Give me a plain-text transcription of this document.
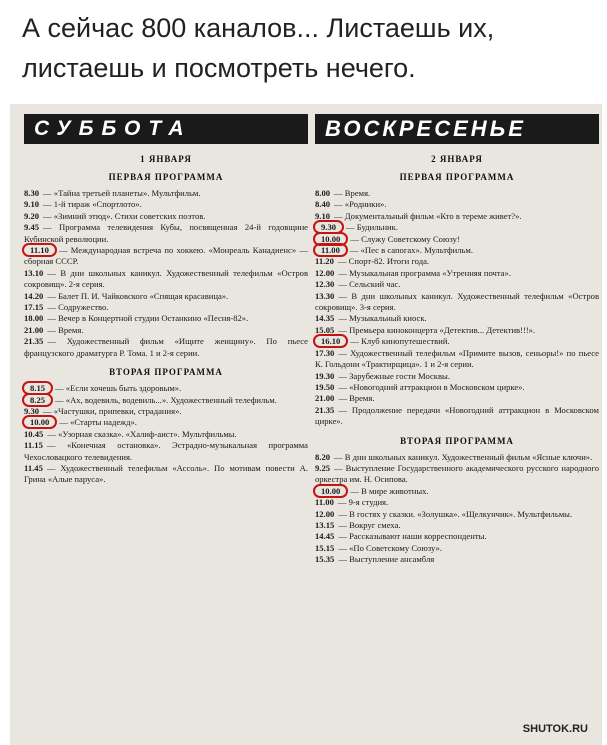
А сейчас 800 каналов... Листаешь их, листаешь и посмотреть нечего.
СУББОТА
1 ЯНВАРЯ
ПЕРВАЯ ПРОГРАММА
8.30 — «Тайна третьей планеты». Мультфильм.
9.10 — 1-й тираж «Спортлото».
9.20 — «Зимний этюд». Стихи советских поэтов.
9.45 — Программа телевидения Кубы, посвященная 24-й годовщине Кубинской революции.
11.10 — Международная встреча по хоккею. «Монреаль Канадиенс» — сборная СССР.
13.10 — В дни школьных каникул. Художественный телефильм «Остров сокровищ». 2-я серия.
14.20 — Балет П. И. Чайковского «Спящая красавица».
17.15 — Содружество.
18.00 — Вечер в Концертной студии Останкино «Песня-82».
21.00 — Время.
21.35 — Художественный фильм «Ищите женщину». По пьесе французского драматурга Р. Тома. 1 и 2-я серии.
ВТОРАЯ ПРОГРАММА
8.15 — «Если хочешь быть здоровым».
8.25 — «Ах, водевиль, водевиль...». Художественный телефильм.
9.30 — «Частушки, припевки, страдания».
10.00 — «Старты надежд».
10.45 — «Узорная сказка». «Халиф-аист». Мультфильмы.
11.15 — «Конечная остановка». Эстрадно-музыкальная программа Чехословацкого телевидения.
11.45 — Художественный телефильм «Ассоль». По мотивам повести А. Грина «Алые паруса».
ВОСКРЕСЕНЬЕ
2 ЯНВАРЯ
ПЕРВАЯ ПРОГРАММА
8.00 — Время.
8.40 — «Родники».
9.10 — Документальный фильм «Кто в тереме живет?».
9.30 — Будильник.
10.00 — Служу Советскому Союзу!
11.00 — «Пес в сапогах». Мультфильм.
11.20 — Спорт-82. Итоги года.
12.00 — Музыкальная программа «Утренняя почта».
12.30 — Сельский час.
13.30 — В дни школьных каникул. Художественный телефильм «Остров сокровищ». 3-я серия.
14.35 — Музыкальный киоск.
15.05 — Премьера киноконцерта «Детектив... Детектив!!!».
16.10 — Клуб кинопутешествий.
17.30 — Художественный телефильм «Примите вызов, сеньоры!» по пьесе К. Гольдони «Трактирщица». 1 и 2-я серии.
19.30 — Зарубежные гости Москвы.
19.50 — «Новогодний аттракцион в Московском цирке».
21.00 — Время.
21.35 — Продолжение передачи «Новогодний аттракцион в Московском цирке».
ВТОРАЯ ПРОГРАММА
8.20 — В дни школьных каникул. Художественный фильм «Ясные ключи».
9.25 — Выступление Государственного академического русского народного оркестра им. Н. Осипова.
10.00 — В мире животных.
11.00 — 9-я студия.
12.00 — В гостях у сказки. «Золушка». «Щелкунчик». Мультфильмы.
13.15 — Вокруг смеха.
14.45 — Рассказывают наши корреспонденты.
15.15 — «По Советскому Союзу».
15.35 — Выступление ансамбля
SHUTOK.RU
